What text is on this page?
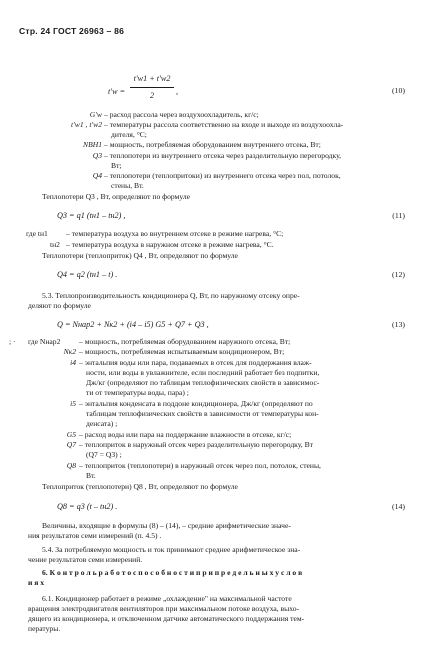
Стр. 24 ГОСТ 26963 – 86
t′w =
t′w1 + t′w2
2	,	(10)
G′w – расход рассола через воздухоохладитель, кг/с;
t′w1 , t′w2 – температуры рассола соответственно на входе и выходе из воздухоохла-
дителя, °С;
NВН1 – мощность, потребляемая оборудованием внутреннего отсека, Вт;
Q3 – теплопотери из внутреннего отсека через разделительную перегородку,
Вт;
Q4 – теплопотери (теплопритоки) из внутреннего отсека через пол, потолок,
стены, Вт.
Теплопотери Q3 , Вт, определяют по формуле
Q3 = q1 (tн1 – tн2) ,	(11)
где tн1 – температура воздуха во внутреннем отсеке в режиме нагрева, °С;
tн2 – температура воздуха в наружном отсеке в режиме нагрева, °С.
Теплопотери (теплоприток) Q4 , Вт, определяют по формуле
Q4 = q2 (tн1 – t) .	(12)
5.3. Теплопроизводительность кондиционера Q, Вт, по наружному отсеку опре-
деляют по формуле
Q = Nнар2 + Nк2 + (i4 – i5) G5 + Q7 + Q3 ,	(13)
; · где Nнар2 – мощность, потребляемая оборудованием наружного отсека, Вт;
Nк2 – мощность, потребляемая испытываемым кондиционером, Вт;
i4 – энтальпия воды или пара, подаваемых в отсек для поддержания влаж-
ности, или воды в увлажнителе, если последний работает без подпитки,
Дж/кг (определяют по таблицам теплофизических свойств в зависимос-
ти от температуры воды, пара) ;
i5 – энтальпия конденсата в поддоне кондиционера, Дж/кг (определяют по
таблицам теплофизических свойств в зависимости от температуры кон-
денсата) ;
G5 – расход воды или пара на поддержание влажности в отсеке, кг/с;
Q7 – теплоприток в наружный отсек через разделительную перегородку, Вт
(Q7 = Q3) ;
Q8 – теплоприток (теплопотери) в наружный отсек через пол, потолок, стены,
Вт.
Теплоприток (теплопотери) Q8 , Вт, определяют по формуле
Q8 = q3 (t – tн2) .	(14)
Величины, входящие в формулы (8) – (14), – средние арифметические значе-
ния результатов семи измерений (п. 4.5) .
5.4. За потребляемую мощность и ток принимают среднее арифметическое зна-
чение результатов семи измерений.
6. К о н т р о л ь р а б о т о с п о с о б н о с т и п р и п р е д е л ь н ы х у с л о в
и я х
6.1. Кондиционер работает в режиме „охлаждение" на максимальной частоте
вращения электродвигателя вентиляторов при максимальном потоке воздуха, выхо-
дящего из кондиционера, и отключенном датчике автоматического поддержания тем-
пературы.
